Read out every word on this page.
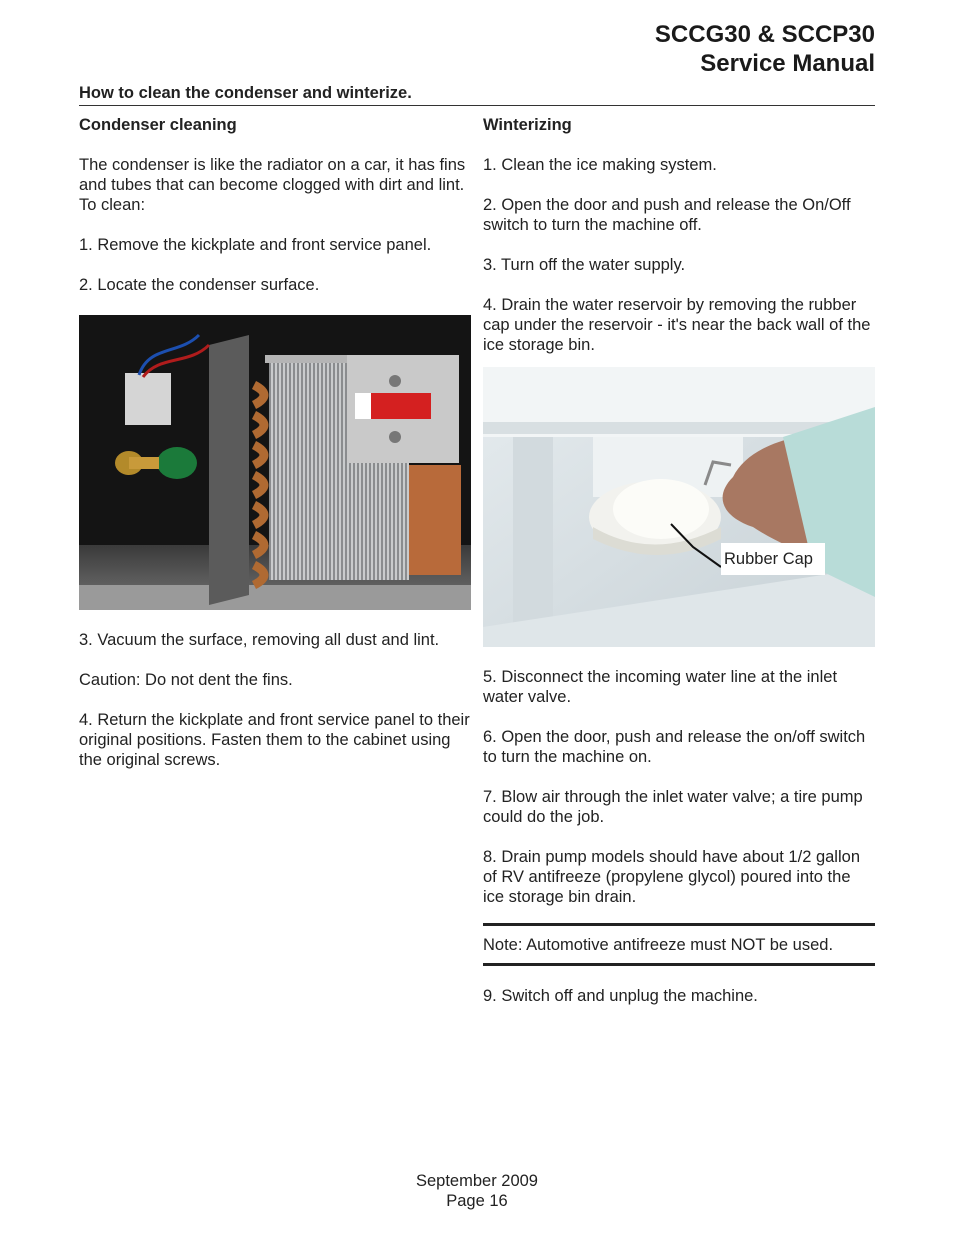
SCCG30 & SCCP30
Service Manual
How to clean the condenser and winterize.
Condenser cleaning

The condenser is like the radiator on a car, it has fins and tubes that can become clogged with dirt and lint. To clean:

1. Remove the kickplate and front service panel.

2. Locate the condenser surface.

3. Vacuum the surface, removing all dust and lint.

Caution: Do not dent the fins.

4. Return the kickplate and front service panel to their original positions. Fasten them to the cabinet using the original screws.

Winterizing

1. Clean the ice making system.

2. Open the door and push and release the On/Off switch to turn the machine off.

3. Turn off the water supply.

4. Drain the water reservoir by removing the rubber cap under the reservoir - it's near the back wall of the ice storage bin.

Rubber Cap

5. Disconnect the incoming water line at the inlet water valve.

6. Open the door, push and release the on/off switch to turn the machine on.

7. Blow air through the inlet water valve; a tire pump could do the job.

8. Drain pump models should have about 1/2 gallon of RV antifreeze (propylene glycol) poured into the ice storage bin drain.

Note: Automotive antifreeze must NOT be used.

9. Switch off and unplug the machine.

September 2009
Page 16
